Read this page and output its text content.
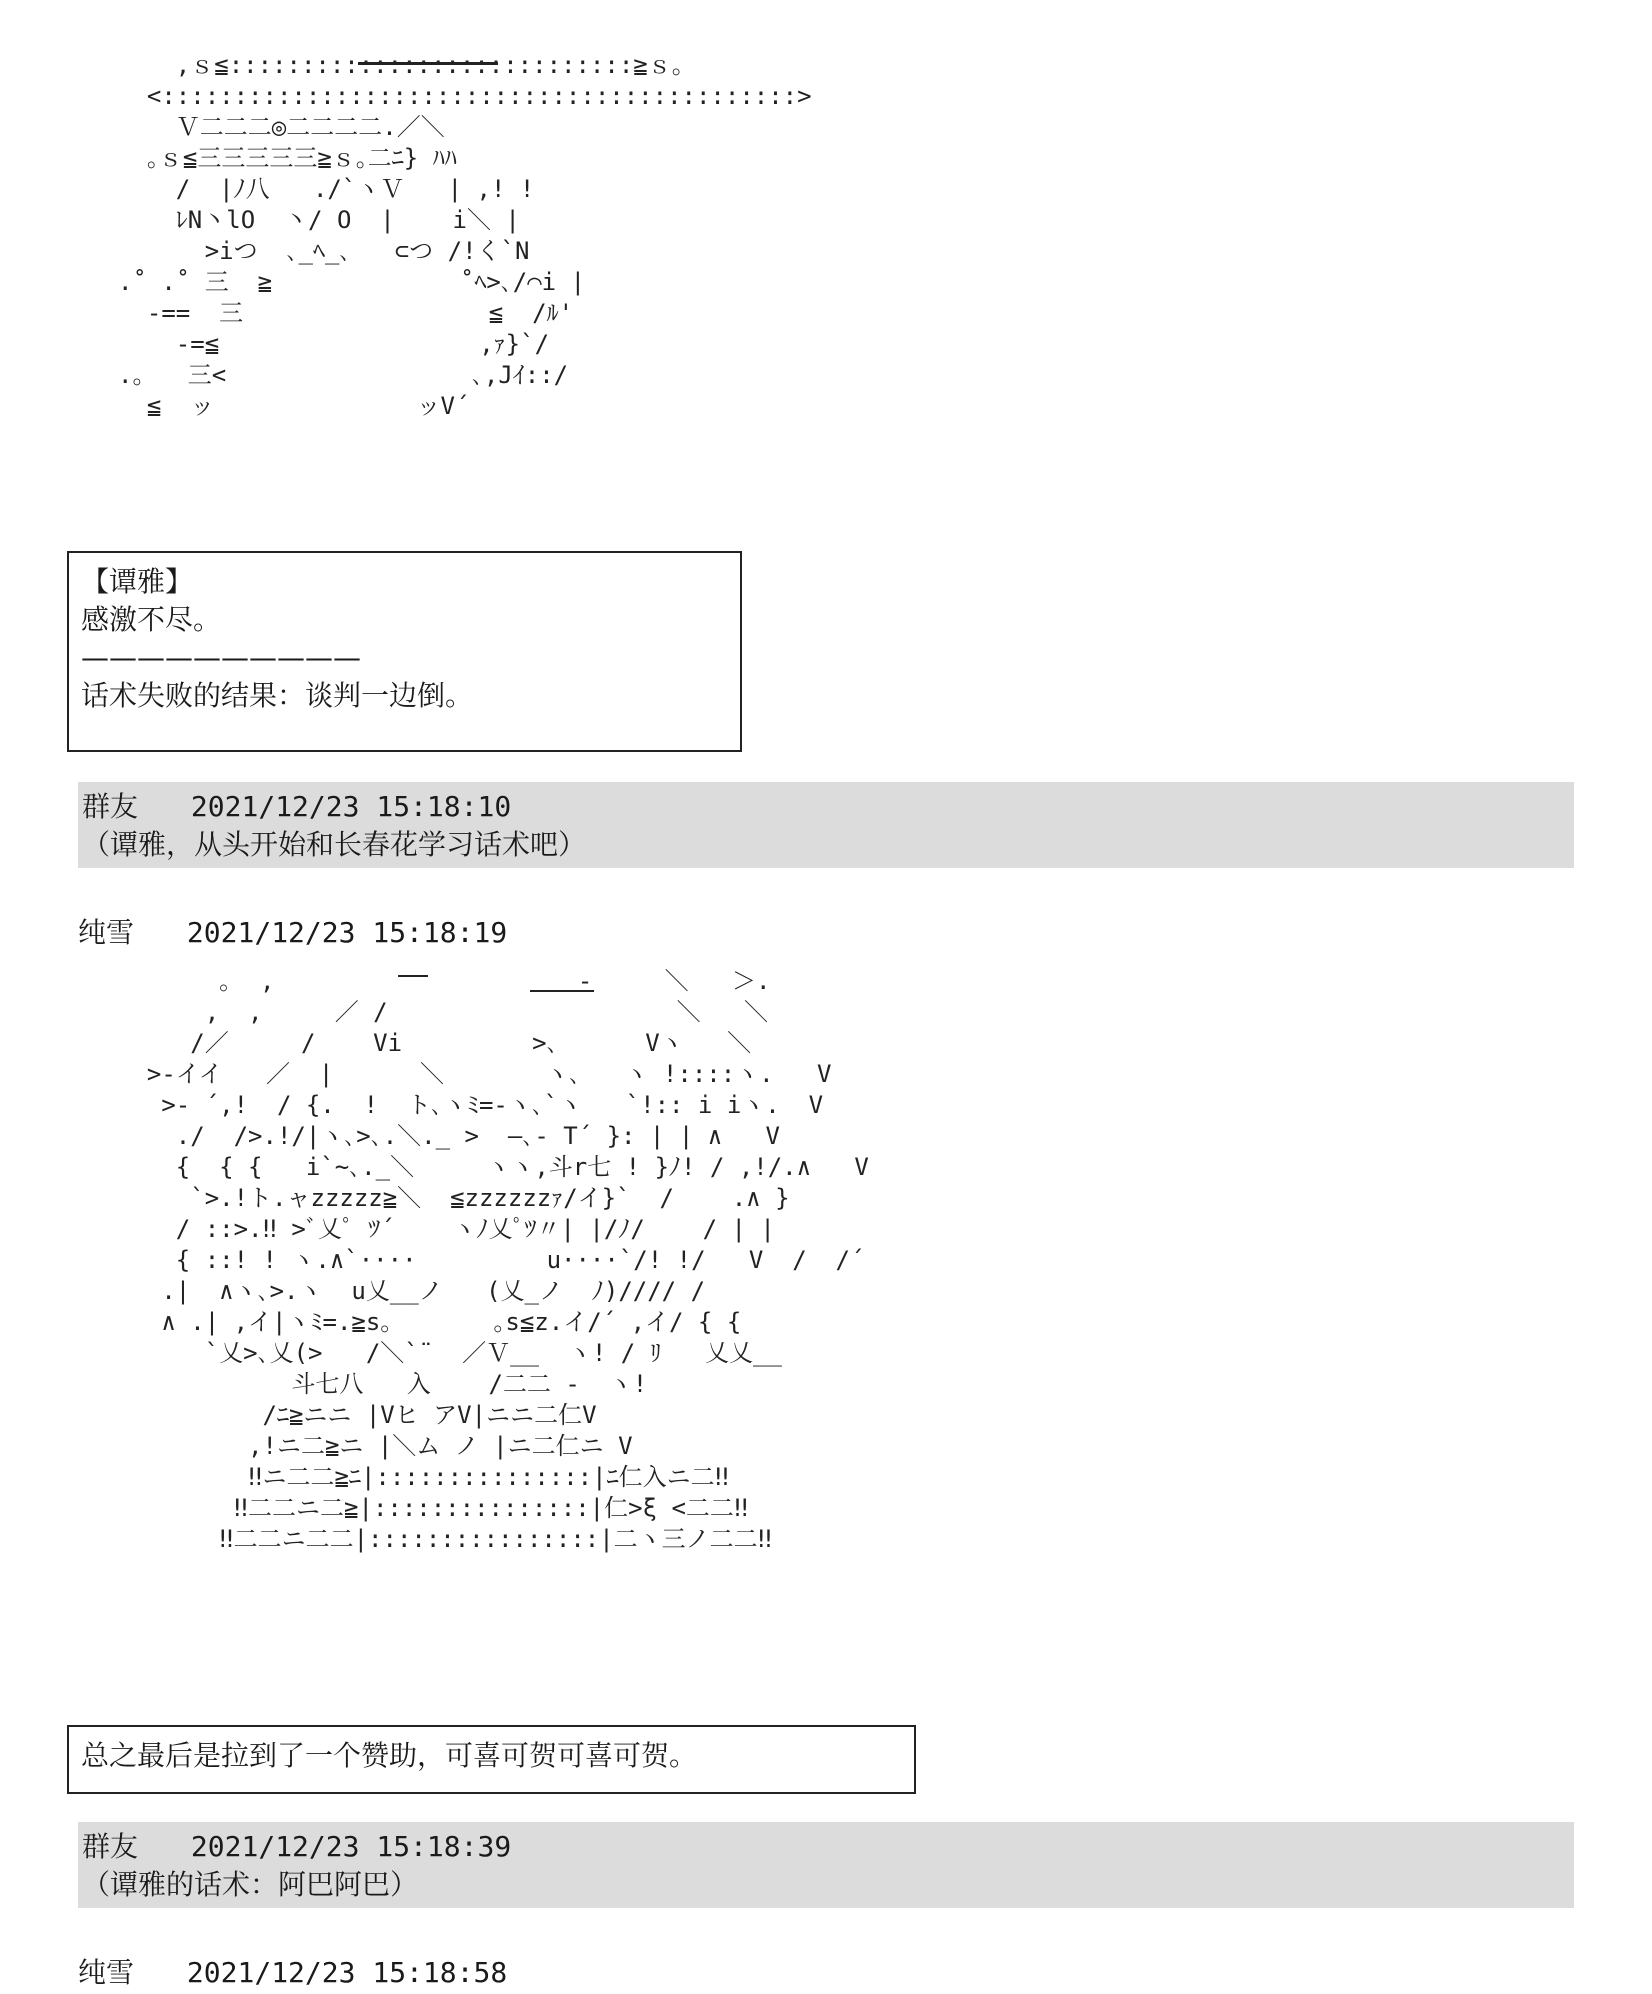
,ｓ≦::::::::::::::::::::::::::::≧ｓ｡
<::::::::::::::::::::::::::::::::::::::::::::>
Ｖ二二二◎二二二二.／＼
｡ｓ≦三三三三三≧ｓ｡二ﾆ} ﾊﾊ
/  |ﾉ八   ./`ヽＶ   | ,! !
ﾚN丶lO  丶/ O  |    i＼ |
>iつ  ､_ﾍ_､   ⊂つ /!く`N
.˚ .˚ 三  ≧             ˚ﾍ>､/⌒i |
-==  三                 ≦  /ﾙ'
-=≦                  ,ｧ}`/
.｡   三<                 ､,Jｲ::/
≦  ッ              ッV´
【谭雅】
感激不尽。
——————————
话术失败的结果：谈判一边倒。
群友 2021/12/23 15:18:10
（谭雅，从头开始和长春花学习话术吧）
纯雪 2021/12/23 15:18:19
｡  ,                     ‐     ＼   ＞.
,  ,     ／ /                    ＼   ＼
/／     /    Vi         >､      Vヽ   ＼
>-イイ   ／  |      ＼       ヽ､   ヽ !::::ヽ.   V
>- ´,!  / {.  !  ト､ヽﾐ=-ヽ､`ヽ   `!:: i iヽ.  V
./  />.!/|ヽ､>､.＼._ >  ―､- T´ }: | | ∧   V
{  { {   i`~､._＼     ヽヽ,斗r七 ! }ﾉ! / ,!/.∧   V
`>.!ト.ャzzzzz≧＼  ≦zzzzzzｧ/イ}`  /    .∧ }
/ ::>.‼ >ﾞ乂ﾟ ﾂ´    ヽﾉ乂ﾟﾂ〃| |/ﾉ/    / | |
{ ::! ! ヽ.∧`····         u····`/! !/   V  /  /´
.|  ∧ヽ､>.ヽ  u乂__ノ   (乂_ノ  ﾉ)//// /
∧ .| ,イ|ヽﾐ=.≧s｡       ｡s≦z.イ/´ ,イ/ { {
`乂>､乂(>   /＼`¨  ／Ｖ__  ヽ! / ﾘ   乂乂__
斗七八   入    /二二 -  ヽ!
/ﾆ≧ニニ |Vヒ アV|ニニ二仁V
,!ニ二≧ニ |＼ム ノ |ニ二仁ニ V
‼ニ二二≧ﾆ|:::::::::::::::|ﾆ仁入ニ二‼
‼二二ニ二≧|:::::::::::::::|仁>ξ <二二‼
‼二二ニ二二|::::::::::::::::|二ヽ三ノ二二‼
总之最后是拉到了一个赞助，可喜可贺可喜可贺。
群友 2021/12/23 15:18:39
（谭雅的话术：阿巴阿巴）
纯雪 2021/12/23 15:18:58
